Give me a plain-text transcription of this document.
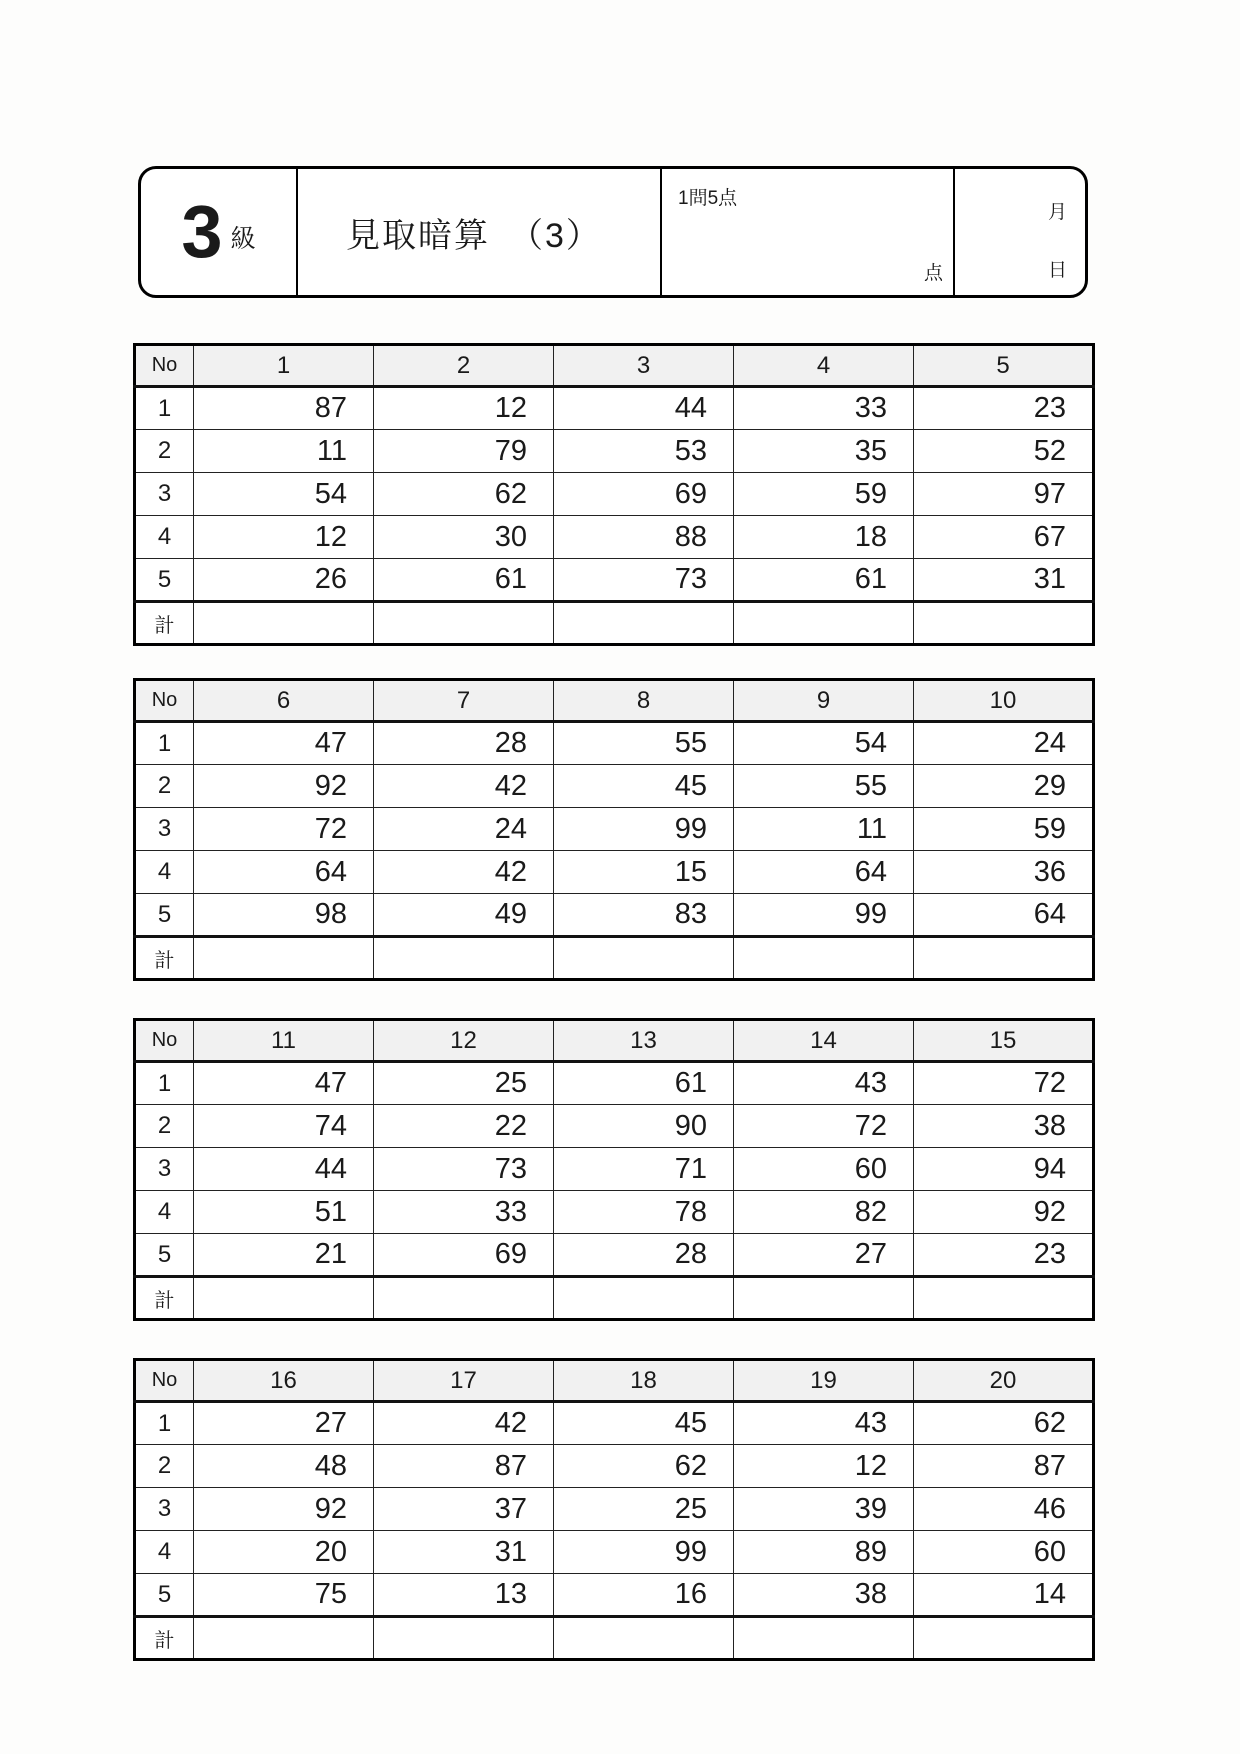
3 級	見取暗算　（3）
1問5点
点
月
日
No	1	2	3	4	5
1	87	12	44	33	23
2	11	79	53	35	52
3	54	62	69	59	97
4	12	30	88	18	67
5	26	61	73	61	31
計					
No	6	7	8	9	10
1	47	28	55	54	24
2	92	42	45	55	29
3	72	24	99	11	59
4	64	42	15	64	36
5	98	49	83	99	64
計					
No	11	12	13	14	15
1	47	25	61	43	72
2	74	22	90	72	38
3	44	73	71	60	94
4	51	33	78	82	92
5	21	69	28	27	23
計					
No	16	17	18	19	20
1	27	42	45	43	62
2	48	87	62	12	87
3	92	37	25	39	46
4	20	31	99	89	60
5	75	13	16	38	14
計					
